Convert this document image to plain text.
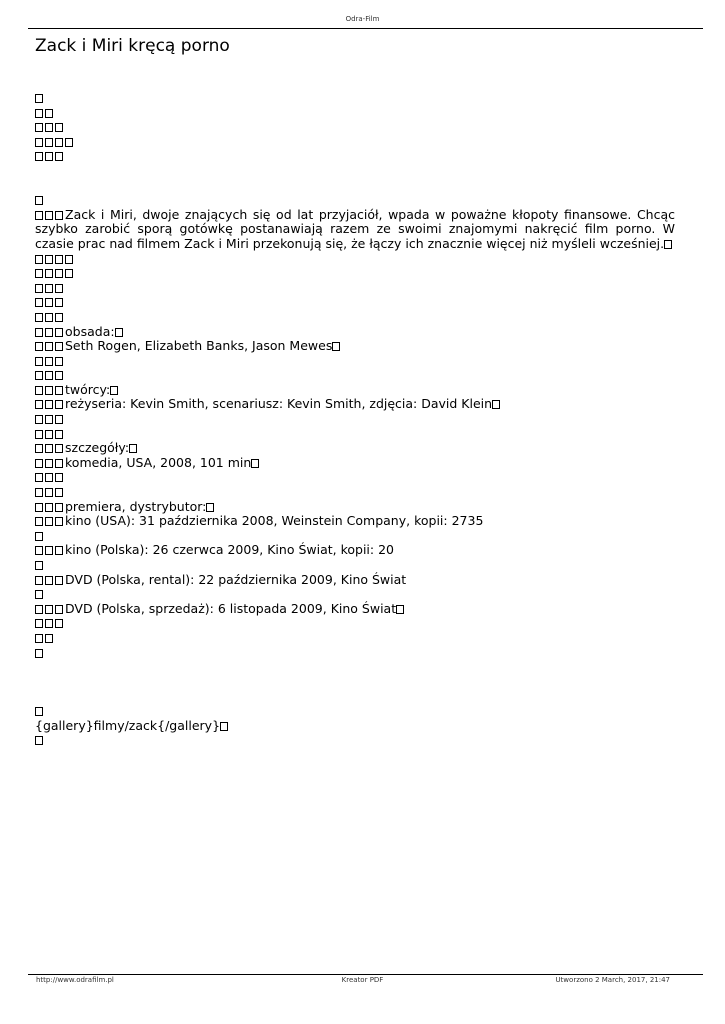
Odra-Film
Zack i Miri kręcą porno
Zack i Miri, dwoje znających się od lat przyjaciół, wpada w poważne kłopoty finansowe. Chcąc szybko zarobić sporą gotówkę postanawiają razem ze swoimi znajomymi nakręcić film porno. W czasie prac nad filmem Zack i Miri przekonują się, że łączy ich znacznie więcej niż myśleli wcześniej.
obsada:
Seth Rogen, Elizabeth Banks, Jason Mewes
twórcy:
reżyseria: Kevin Smith, scenariusz: Kevin Smith, zdjęcia: David Klein
szczegóły:
komedia, USA, 2008, 101 min
premiera, dystrybutor:
kino (USA): 31 października 2008, Weinstein Company, kopii: 2735
kino (Polska): 26 czerwca 2009, Kino Świat, kopii: 20
DVD (Polska, rental): 22 października 2009, Kino Świat
DVD (Polska, sprzedaż): 6 listopada 2009, Kino Świat
{gallery}filmy/zack{/gallery}
http://www.odrafilm.pl	Kreator PDF	Utworzono 2 March, 2017, 21:47
